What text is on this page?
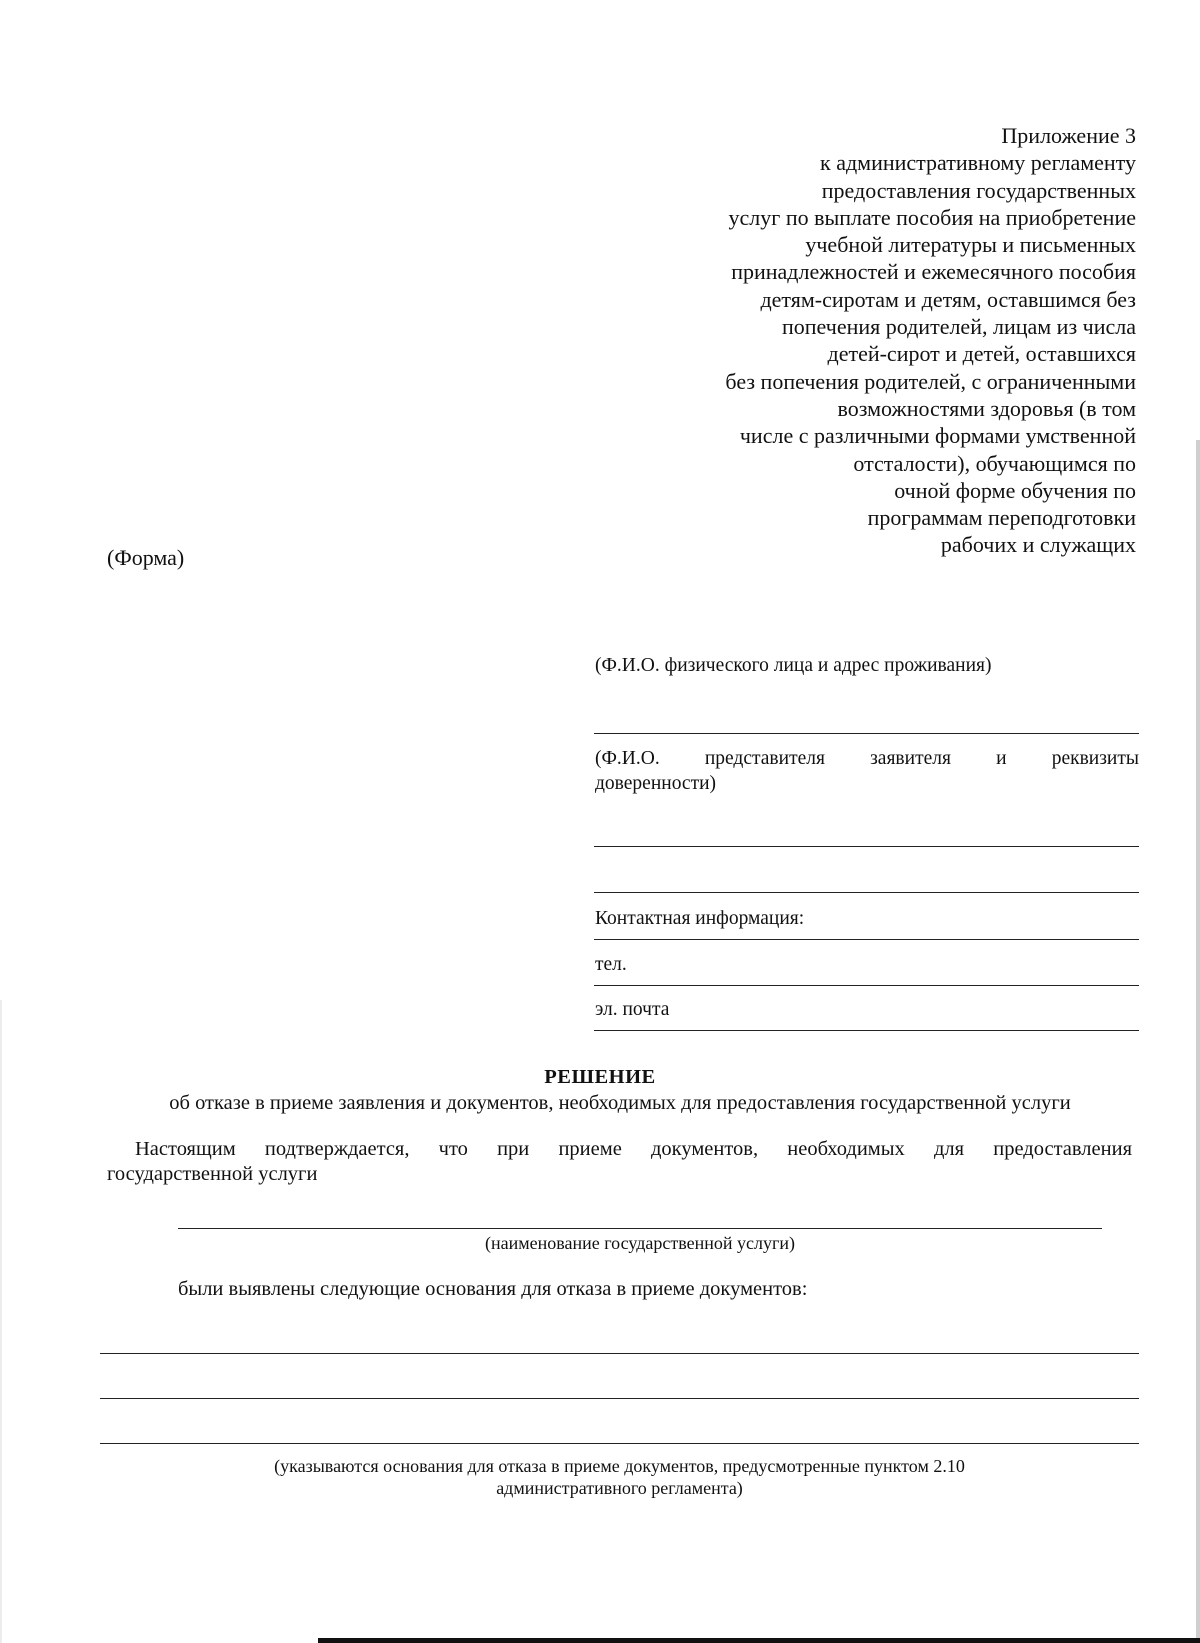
Приложение 3
к административному регламенту
предоставления государственных
услуг по выплате пособия на приобретение
учебной литературы и письменных
принадлежностей и ежемесячного пособия
детям-сиротам и детям, оставшимся без
попечения родителей, лицам из числа
детей-сирот и детей, оставшихся
без попечения родителей, с ограниченными
возможностями здоровья (в том
числе с различными формами умственной
отсталости), обучающимся по
очной форме обучения по
программам переподготовки
рабочих и служащих
(Форма)
(Ф.И.О. физического лица и адрес проживания)
(Ф.И.О. представителя заявителя и реквизиты
доверенности)
Контактная информация:
тел.
эл. почта
РЕШЕНИЕ
об отказе в приеме заявления и документов, необходимых для предоставления государственной услуги
Настоящим подтверждается, что при приеме документов, необходимых для предоставления
государственной услуги
(наименование государственной услуги)
были выявлены следующие основания для отказа в приеме документов:
(указываются основания для отказа в приеме документов, предусмотренные пунктом 2.10
административного регламента)
